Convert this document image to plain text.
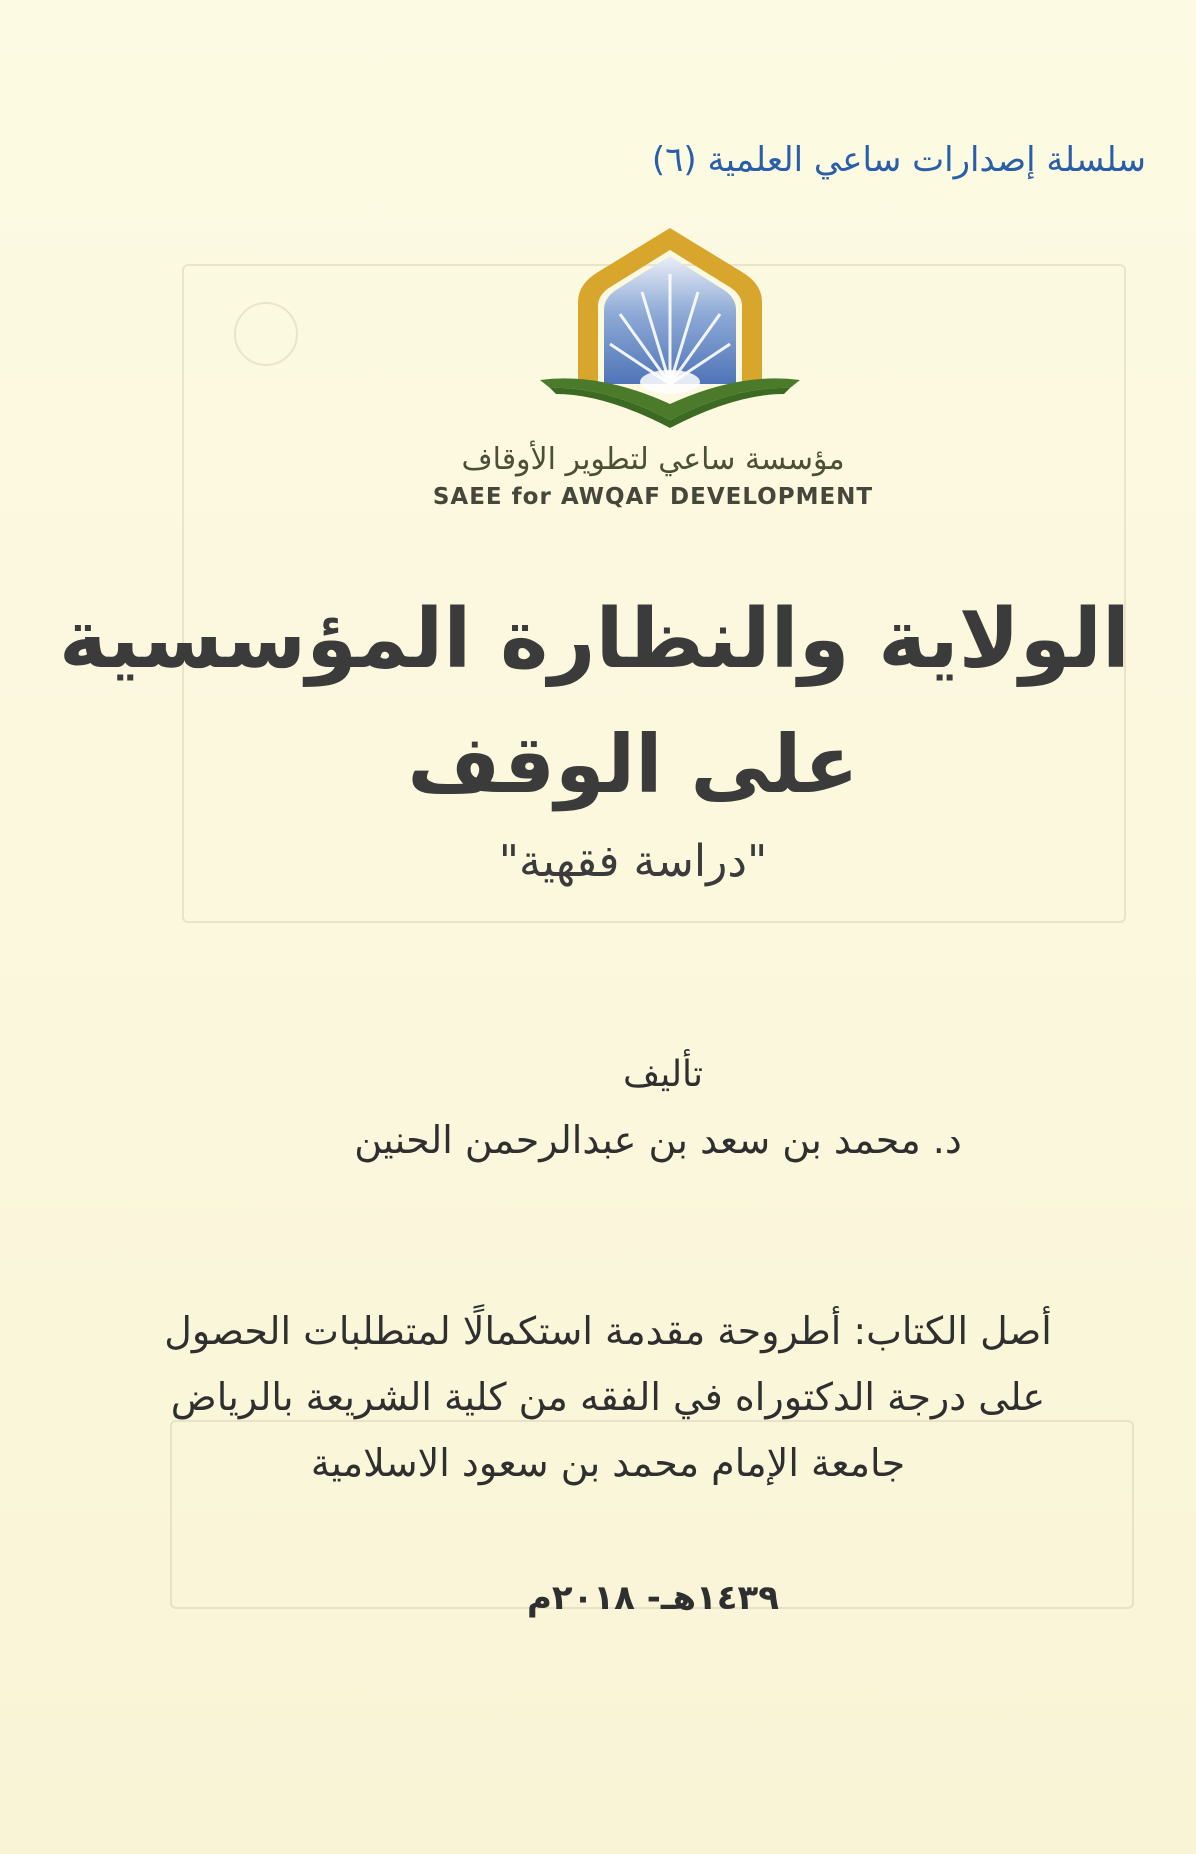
سلسلة إصدارات ساعي العلمية (٦)
مؤسسة ساعي لتطوير الأوقاف
SAEE for AWQAF DEVELOPMENT
الولاية والنظارة المؤسسية
على الوقف
"دراسة فقهية"
تأليف
د. محمد بن سعد بن عبدالرحمن الحنين
أصل الكتاب: أطروحة مقدمة استكمالًا لمتطلبات الحصول
على درجة الدكتوراه في الفقه من كلية الشريعة بالرياض
جامعة الإمام محمد بن سعود الاسلامية
١٤٣٩هـ- ٢٠١٨م
